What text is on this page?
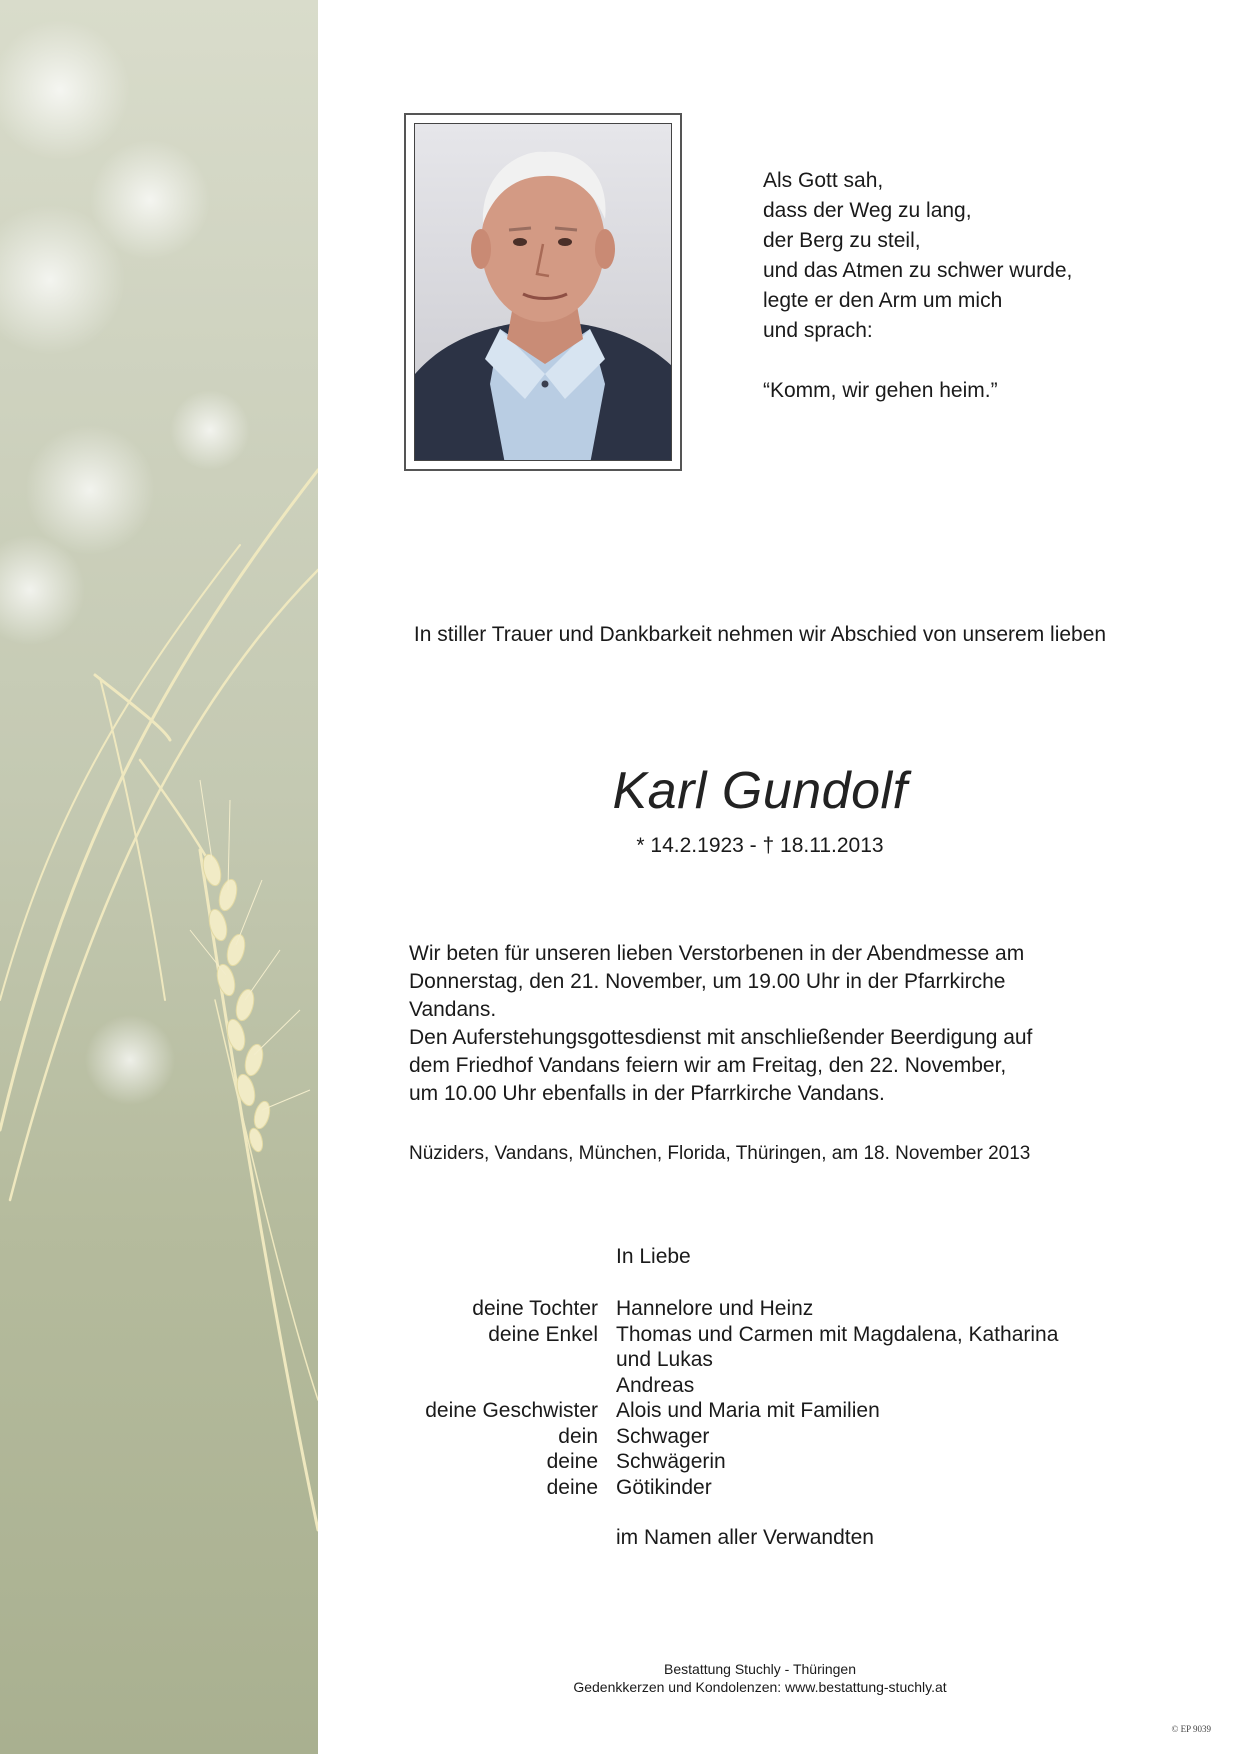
Als Gott sah,
dass der Weg zu lang,
der Berg zu steil,
und das Atmen zu schwer wurde,
legte er den Arm um mich
und sprach:
“Komm, wir gehen heim.”
In stiller Trauer und Dankbarkeit nehmen wir Abschied von unserem lieben
Karl Gundolf
* 14.2.1923 - † 18.11.2013
Wir beten für unseren lieben Verstorbenen in der Abendmesse am
Donnerstag, den 21. November, um 19.00 Uhr in der Pfarrkirche
Vandans.
Den Auferstehungsgottesdienst mit anschließender Beerdigung auf
dem Friedhof Vandans feiern wir am Freitag, den 22. November,
um 10.00 Uhr ebenfalls in der Pfarrkirche Vandans.
Nüziders, Vandans, München, Florida, Thüringen, am 18. November 2013
In Liebe
deine Tochter Hannelore und Heinz
deine Enkel Thomas und Carmen mit Magdalena, Katharina
und Lukas
Andreas
deine Geschwister Alois und Maria mit Familien
dein Schwager
deine Schwägerin
deine Götikinder
im Namen aller Verwandten
Bestattung Stuchly - Thüringen
Gedenkkerzen und Kondolenzen: www.bestattung-stuchly.at
© EP 9039
